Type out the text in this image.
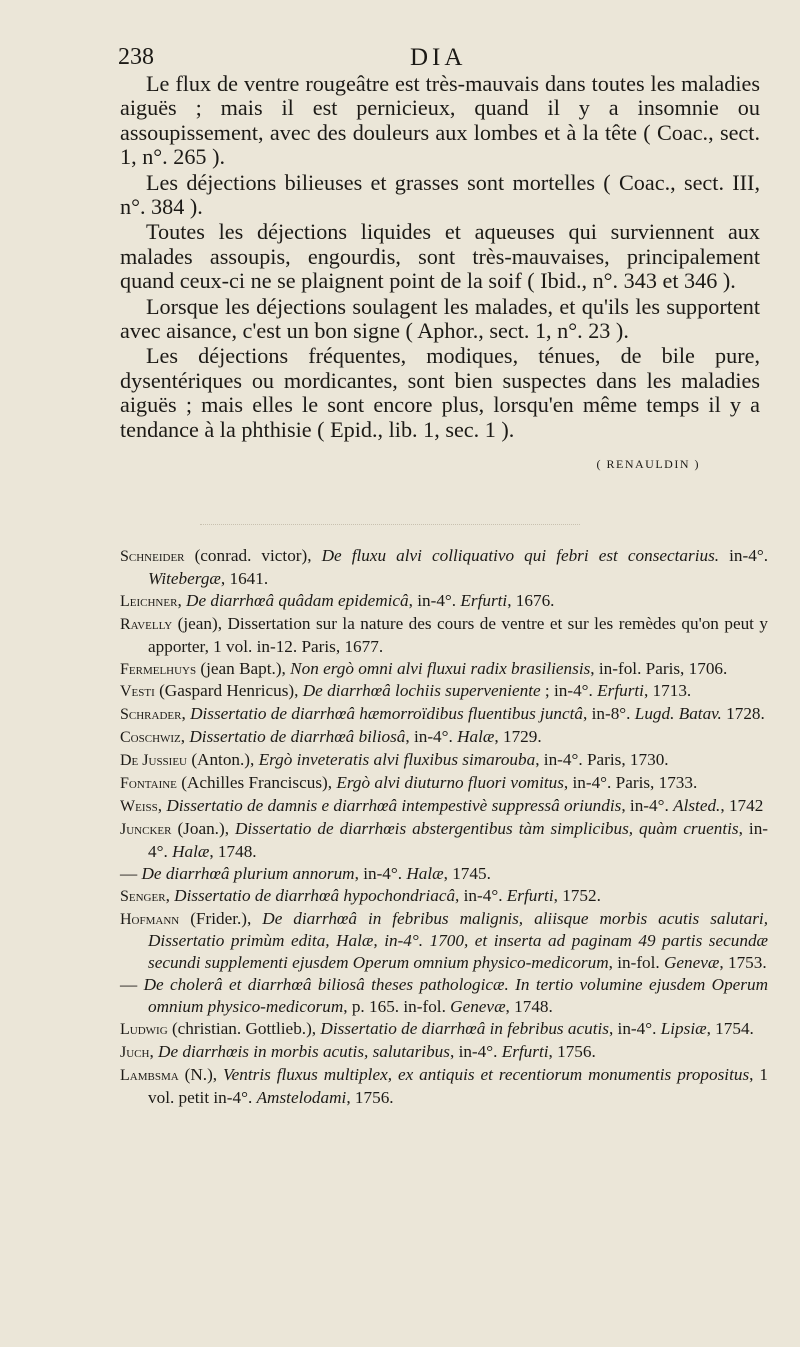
238	DIA

Le flux de ventre rougeâtre est très-mauvais dans toutes les maladies aiguës ; mais il est pernicieux, quand il y a insomnie ou assoupissement, avec des douleurs aux lombes et à la tête ( Coac., sect. 1, n°. 265 ).

Les déjections bilieuses et grasses sont mortelles ( Coac., sect. III, n°. 384 ).

Toutes les déjections liquides et aqueuses qui surviennent aux malades assoupis, engourdis, sont très-mauvaises, principalement quand ceux-ci ne se plaignent point de la soif ( Ibid., n°. 343 et 346 ).

Lorsque les déjections soulagent les malades, et qu'ils les supportent avec aisance, c'est un bon signe ( Aphor., sect. 1, n°. 23 ).

Les déjections fréquentes, modiques, ténues, de bile pure, dysentériques ou mordicantes, sont bien suspectes dans les maladies aiguës ; mais elles le sont encore plus, lorsqu'en même temps il y a tendance à la phthisie ( Epid., lib. 1, sec. 1 ).

( RENAULDIN )

Schneider (conrad. victor), De fluxu alvi colliquativo qui febri est consectarius. in-4°. Witebergæ, 1641.

Leichner, De diarrhœâ quâdam epidemicâ, in-4°. Erfurti, 1676.

Ravelly (jean), Dissertation sur la nature des cours de ventre et sur les remèdes qu'on peut y apporter, 1 vol. in-12. Paris, 1677.

Fermelhuys (jean Bapt.), Non ergò omni alvi fluxui radix brasiliensis, in-fol. Paris, 1706.

Vesti (Gaspard Henricus), De diarrhœâ lochiis superveniente ; in-4°. Erfurti, 1713.

Schrader, Dissertatio de diarrhœâ hæmorroïdibus fluentibus junctâ, in-8°. Lugd. Batav. 1728.

Coschwiz, Dissertatio de diarrhœâ biliosâ, in-4°. Halæ, 1729.

De Jussieu (Anton.), Ergò inveteratis alvi fluxibus simarouba, in-4°. Paris, 1730.

Fontaine (Achilles Franciscus), Ergò alvi diuturno fluori vomitus, in-4°. Paris, 1733.

Weiss, Dissertatio de damnis e diarrhœâ intempestivè suppressâ oriundis, in-4°. Alsted., 1742

Juncker (Joan.), Dissertatio de diarrhœis abstergentibus tàm simplicibus, quàm cruentis, in-4°. Halæ, 1748.

— De diarrhœâ plurium annorum, in-4°. Halæ, 1745.

Senger, Dissertatio de diarrhœâ hypochondriacâ, in-4°. Erfurti, 1752.

Hofmann (Frider.), De diarrhœâ in febribus malignis, aliisque morbis acutis salutari, Dissertatio primùm edita, Halæ, in-4°. 1700, et inserta ad paginam 49 partis secundæ secundi supplementi ejusdem Operum omnium physico-medicorum, in-fol. Genevæ, 1753.

— De cholerâ et diarrhœâ biliosâ theses pathologicæ. In tertio volumine ejusdem Operum omnium physico-medicorum, p. 165. in-fol. Genevæ, 1748.

Ludwig (christian. Gottlieb.), Dissertatio de diarrhœâ in febribus acutis, in-4°. Lipsiæ, 1754.

Juch, De diarrhœis in morbis acutis, salutaribus, in-4°. Erfurti, 1756.

Lambsma (N.), Ventris fluxus multiplex, ex antiquis et recentiorum monumentis propositus, 1 vol. petit in-4°. Amstelodami, 1756.
